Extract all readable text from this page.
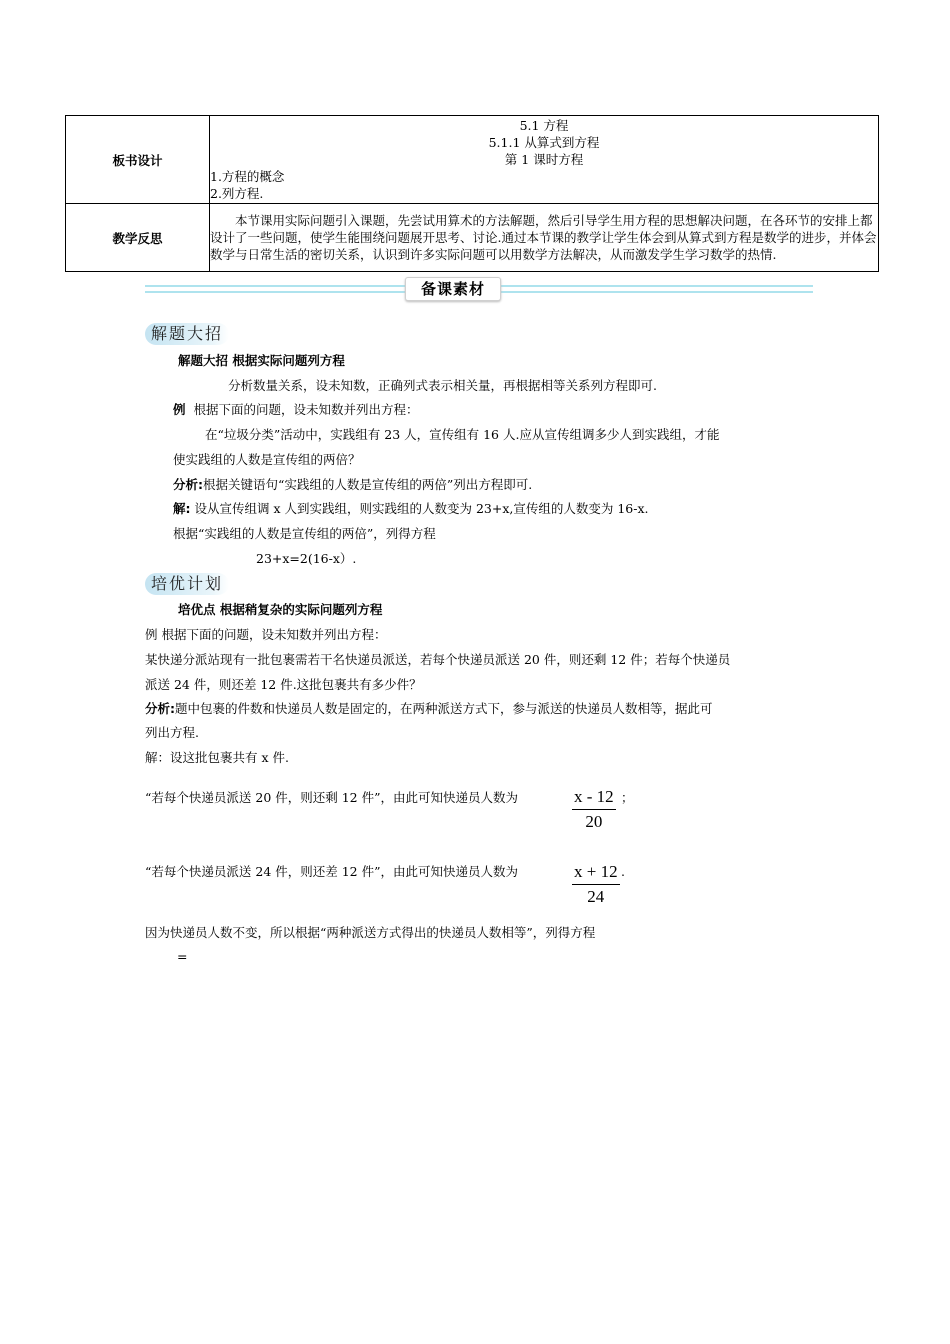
板书设计	5.1 方程
5.1.1 从算式到方程
第 1 课时方程
1.方程的概念
2.列方程.

教学反思	本节课用实际问题引入课题，先尝试用算术的方法解题，然后引导学生用方程的思想解决问题，在各环节的安排上都设计了一些问题，使学生能围绕问题展开思考、讨论.通过本节课的教学让学生体会到从算式到方程是数学的进步，并体会数学与日常生活的密切关系，认识到许多实际问题可以用数学方法解决，从而激发学生学习数学的热情.
备课素材
解题大招
解题大招 根据实际问题列方程
分析数量关系，设未知数，正确列式表示相关量，再根据相等关系列方程即可.
例 根据下面的问题，设未知数并列出方程：
在“垃圾分类”活动中，实践组有 23 人，宣传组有 16 人.应从宣传组调多少人到实践组，才能
使实践组的人数是宣传组的两倍？
分析:根据关键语句“实践组的人数是宣传组的两倍”列出方程即可.
解: 设从宣传组调 x 人到实践组，则实践组的人数变为 23+x,宣传组的人数变为 16-x.
根据“实践组的人数是宣传组的两倍”，列得方程
23+x=2(16-x）.
培优计划
培优点 根据稍复杂的实际问题列方程
例 根据下面的问题，设未知数并列出方程：
某快递分派站现有一批包裹需若干名快递员派送，若每个快递员派送 20 件，则还剩 12 件；若每个快递员
派送 24 件，则还差 12 件.这批包裹共有多少件？
分析:题中包裹的件数和快递员人数是固定的，在两种派送方式下，参与派送的快递员人数相等，据此可
列出方程.
解：设这批包裹共有 x 件.
“若每个快递员派送 20 件，则还剩 12 件”，由此可知快递员人数为	$\frac{x - 12}{20}$ ；
“若每个快递员派送 24 件，则还差 12 件”，由此可知快递员人数为	$\frac{x + 12}{24}$ .
因为快递员人数不变，所以根据“两种派送方式得出的快递员人数相等”，列得方程
=
